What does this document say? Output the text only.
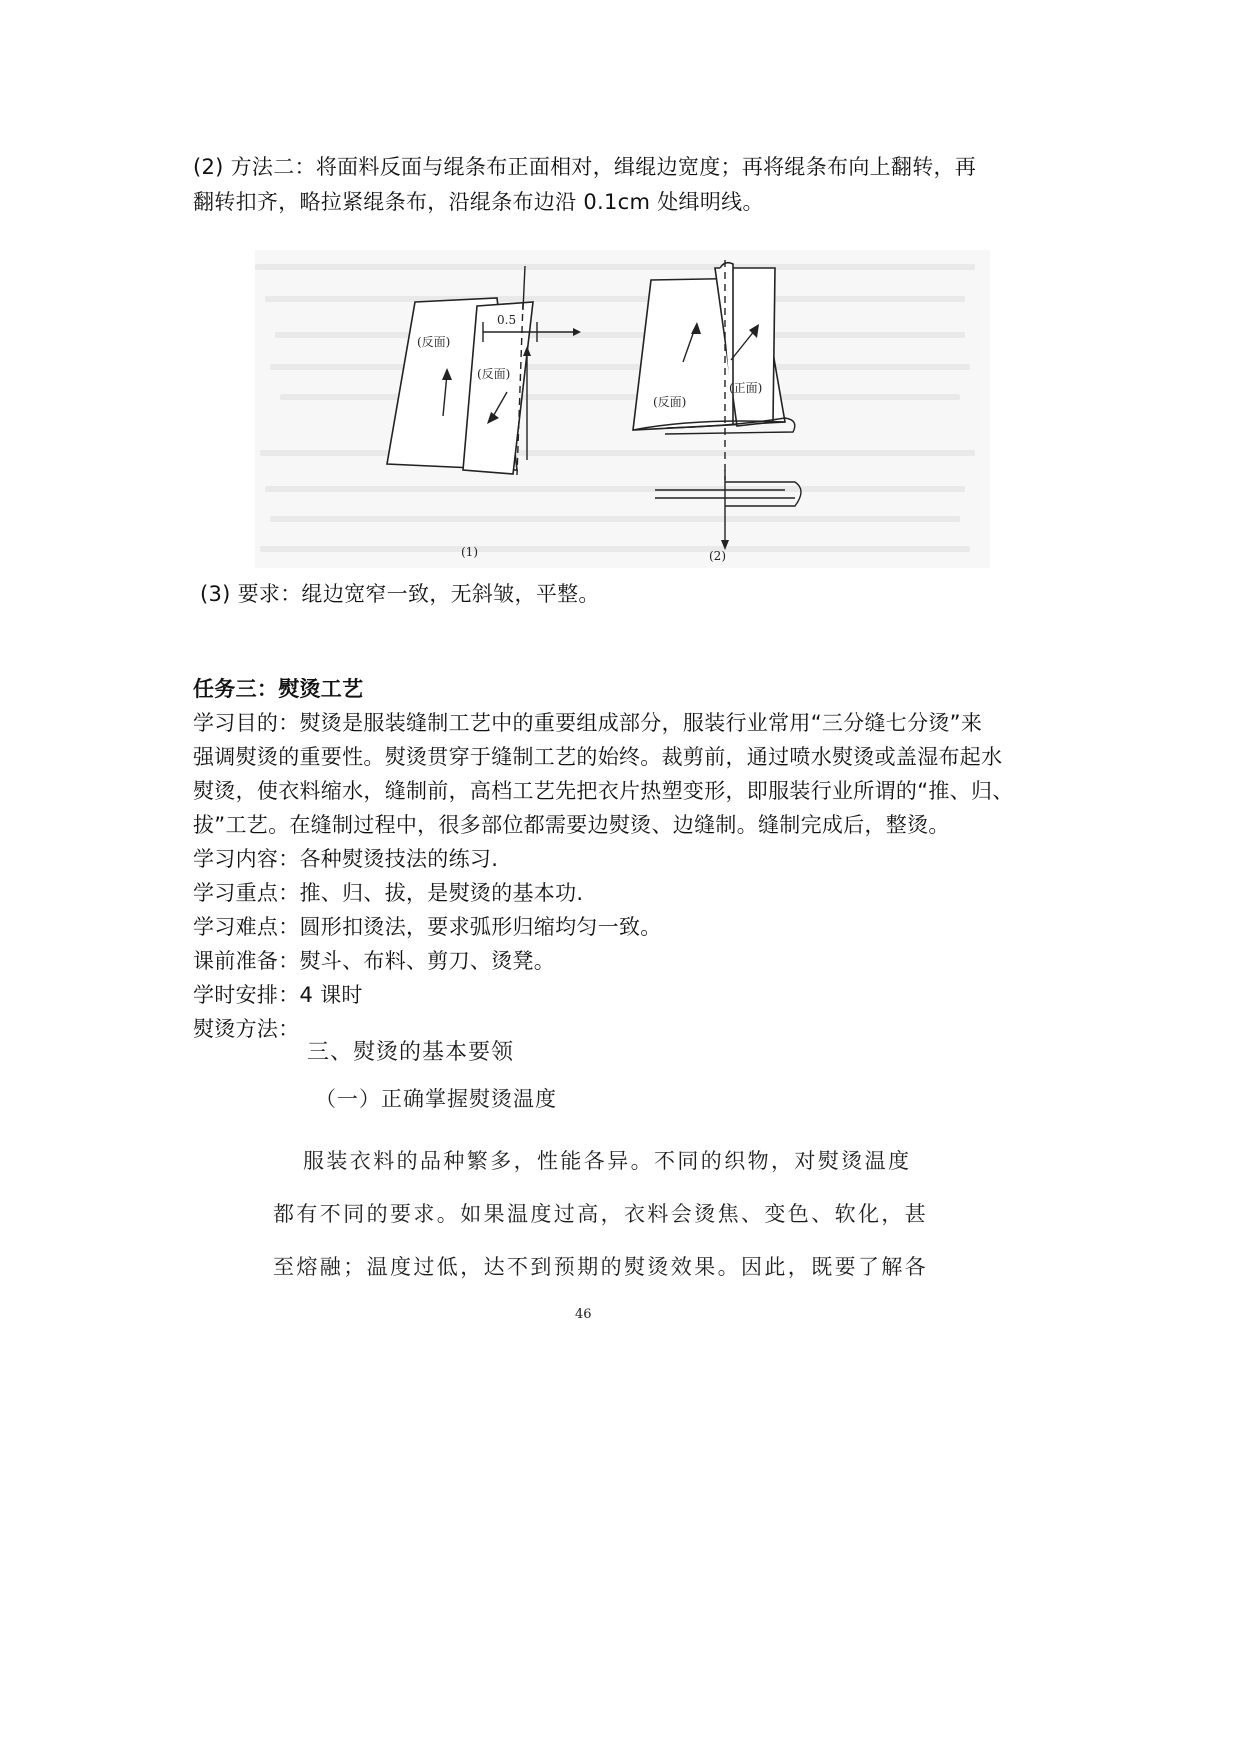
(2) 方法二：将面料反面与绲条布正面相对，缉绲边宽度；再将绲条布向上翻转，再
翻转扣齐，略拉紧绲条布，沿绲条布边沿 0.1cm 处缉明线。
(反面)
(反面)
0.5
(反面)
(正面)
(1)	(2)
(3) 要求：绲边宽窄一致，无斜皱，平整。
任务三：熨烫工艺
学习目的：熨烫是服装缝制工艺中的重要组成部分，服装行业常用“三分缝七分烫”来
强调熨烫的重要性。熨烫贯穿于缝制工艺的始终。裁剪前，通过喷水熨烫或盖湿布起水
熨烫，使衣料缩水，缝制前，高档工艺先把衣片热塑变形，即服装行业所谓的“推、归、
拔”工艺。在缝制过程中，很多部位都需要边熨烫、边缝制。缝制完成后，整烫。
学习内容：各种熨烫技法的练习.
学习重点：推、归、拔，是熨烫的基本功.
学习难点：圆形扣烫法，要求弧形归缩均匀一致。
课前准备：熨斗、布料、剪刀、烫凳。
学时安排：4 课时
熨烫方法：
三、熨烫的基本要领
（一）正确掌握熨烫温度
服装衣料的品种繁多，性能各异。不同的织物，对熨烫温度
都有不同的要求。如果温度过高，衣料会烫焦、变色、软化，甚
至熔融；温度过低，达不到预期的熨烫效果。因此，既要了解各
46
